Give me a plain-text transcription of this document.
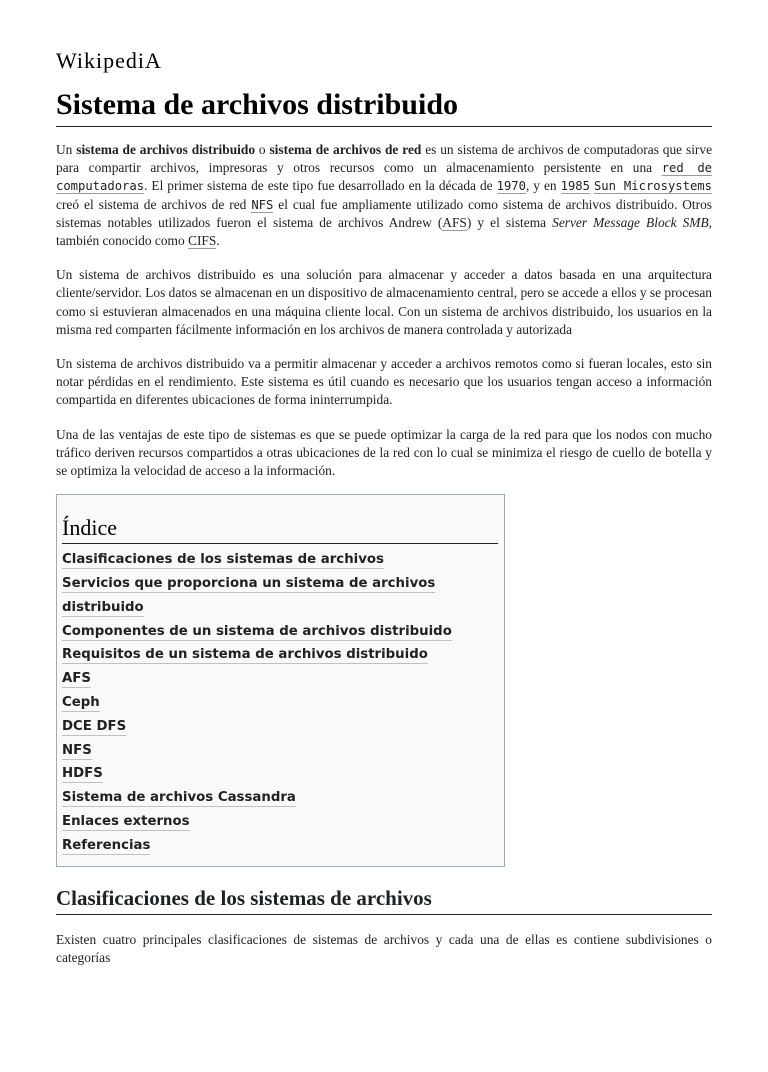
WikipediA
Sistema de archivos distribuido

Un sistema de archivos distribuido o sistema de archivos de red es un sistema de archivos de computadoras que sirve para compartir archivos, impresoras y otros recursos como un almacenamiento persistente en una red de computadoras. El primer sistema de este tipo fue desarrollado en la década de 1970, y en 1985 Sun Microsystems creó el sistema de archivos de red NFS el cual fue ampliamente utilizado como sistema de archivos distribuido. Otros sistemas notables utilizados fueron el sistema de archivos Andrew (AFS) y el sistema Server Message Block SMB, también conocido como CIFS.

Un sistema de archivos distribuido es una solución para almacenar y acceder a datos basada en una arquitectura cliente/servidor. Los datos se almacenan en un dispositivo de almacenamiento central, pero se accede a ellos y se procesan como si estuvieran almacenados en una máquina cliente local. Con un sistema de archivos distribuido, los usuarios en la misma red comparten fácilmente información en los archivos de manera controlada y autorizada

Un sistema de archivos distribuido va a permitir almacenar y acceder a archivos remotos como si fueran locales, esto sin notar pérdidas en el rendimiento. Este sistema es útil cuando es necesario que los usuarios tengan acceso a información compartida en diferentes ubicaciones de forma ininterrumpida.

Una de las ventajas de este tipo de sistemas es que se puede optimizar la carga de la red para que los nodos con mucho tráfico deriven recursos compartidos a otras ubicaciones de la red con lo cual se minimiza el riesgo de cuello de botella y se optimiza la velocidad de acceso a la información.

Índice
Clasificaciones de los sistemas de archivos
Servicios que proporciona un sistema de archivos distribuido
Componentes de un sistema de archivos distribuido
Requisitos de un sistema de archivos distribuido
AFS
Ceph
DCE DFS
NFS
HDFS
Sistema de archivos Cassandra
Enlaces externos
Referencias
Clasificaciones de los sistemas de archivos

Existen cuatro principales clasificaciones de sistemas de archivos y cada una de ellas es contiene subdivisiones o categorías
